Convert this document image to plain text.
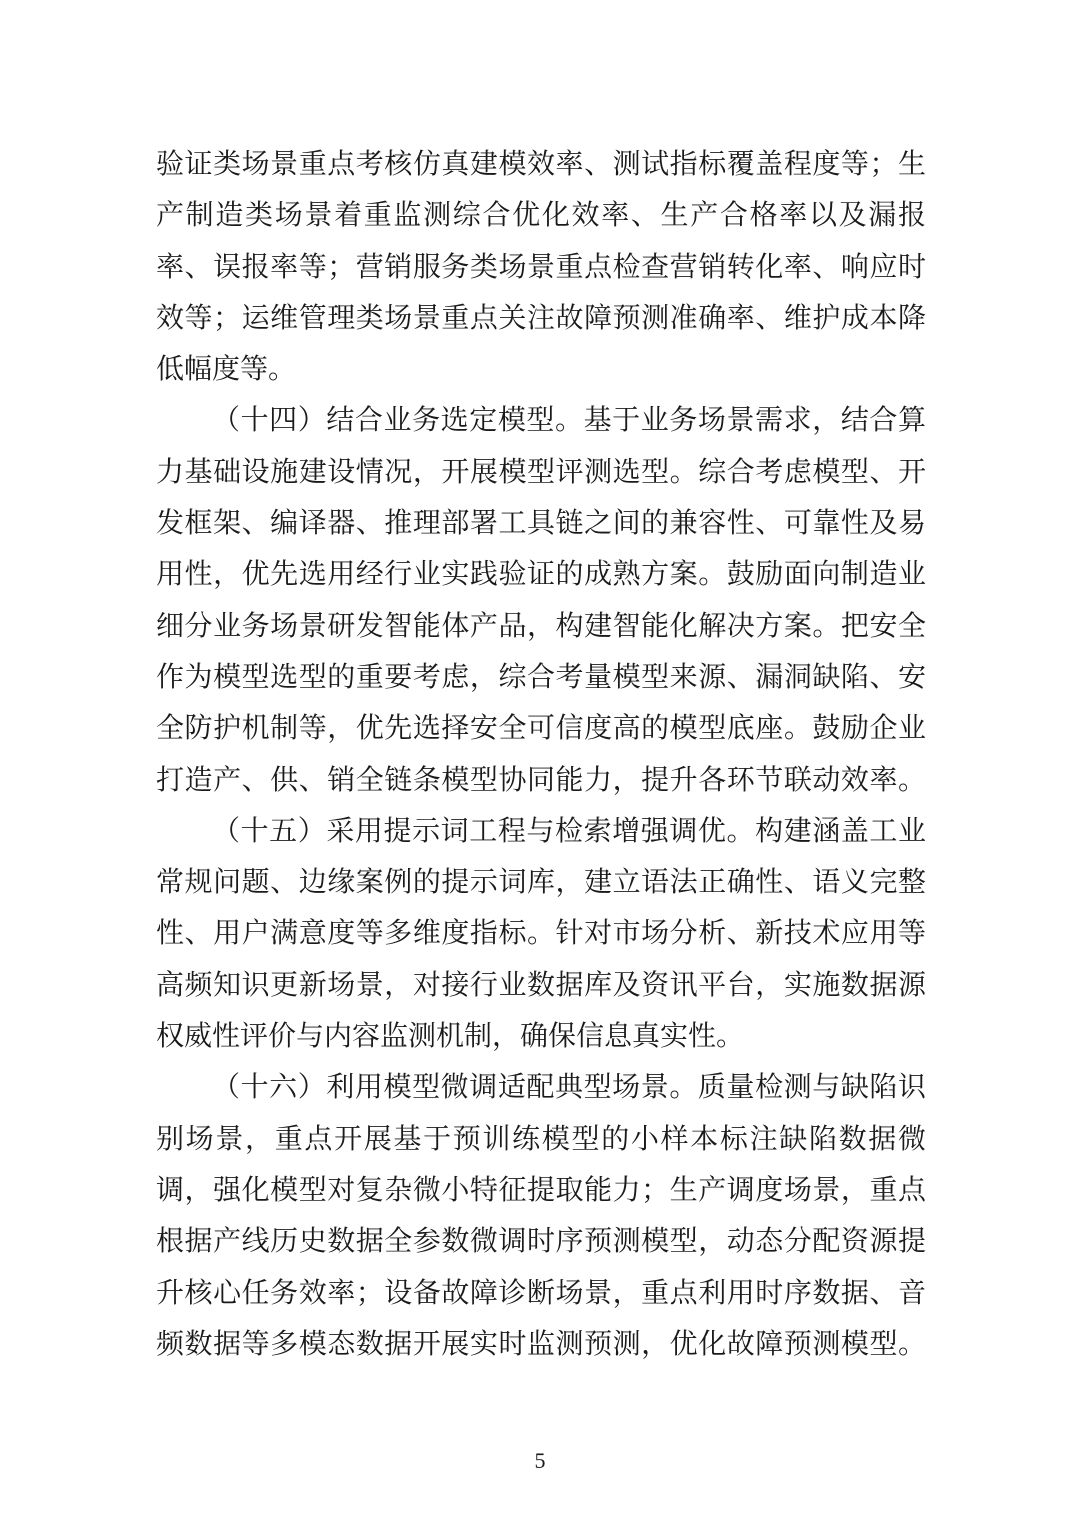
验证类场景重点考核仿真建模效率、测试指标覆盖程度等；生
产制造类场景着重监测综合优化效率、生产合格率以及漏报
率、误报率等；营销服务类场景重点检查营销转化率、响应时
效等；运维管理类场景重点关注故障预测准确率、维护成本降
低幅度等。
（十四）结合业务选定模型。基于业务场景需求，结合算
力基础设施建设情况，开展模型评测选型。综合考虑模型、开
发框架、编译器、推理部署工具链之间的兼容性、可靠性及易
用性，优先选用经行业实践验证的成熟方案。鼓励面向制造业
细分业务场景研发智能体产品，构建智能化解决方案。把安全
作为模型选型的重要考虑，综合考量模型来源、漏洞缺陷、安
全防护机制等，优先选择安全可信度高的模型底座。鼓励企业
打造产、供、销全链条模型协同能力，提升各环节联动效率。
（十五）采用提示词工程与检索增强调优。构建涵盖工业
常规问题、边缘案例的提示词库，建立语法正确性、语义完整
性、用户满意度等多维度指标。针对市场分析、新技术应用等
高频知识更新场景，对接行业数据库及资讯平台，实施数据源
权威性评价与内容监测机制，确保信息真实性。
（十六）利用模型微调适配典型场景。质量检测与缺陷识
别场景，重点开展基于预训练模型的小样本标注缺陷数据微
调，强化模型对复杂微小特征提取能力；生产调度场景，重点
根据产线历史数据全参数微调时序预测模型，动态分配资源提
升核心任务效率；设备故障诊断场景，重点利用时序数据、音
频数据等多模态数据开展实时监测预测，优化故障预测模型。
5
